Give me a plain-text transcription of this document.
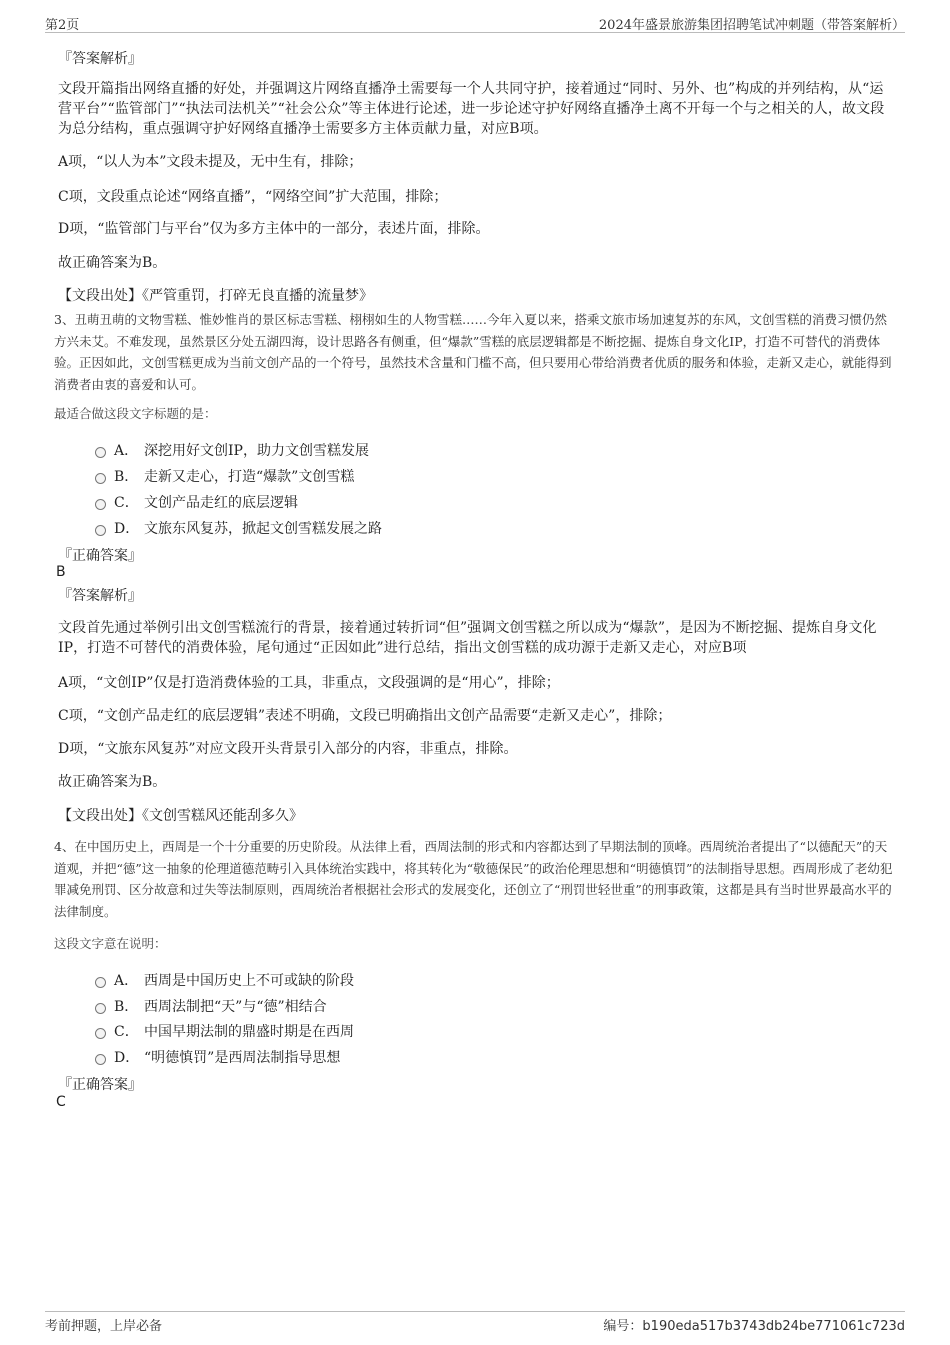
第2页	2024年盛景旅游集团招聘笔试冲刺题（带答案解析）
『答案解析』
文段开篇指出网络直播的好处，并强调这片网络直播净土需要每一个人共同守护，接着通过“同时、另外、也”构成的并列结构，从“运营平台”“监管部门”“执法司法机关”“社会公众”等主体进行论述，进一步论述守护好网络直播净土离不开每一个与之相关的人，故文段为总分结构，重点强调守护好网络直播净土需要多方主体贡献力量，对应B项。
A项，“以人为本”文段未提及，无中生有，排除；
C项，文段重点论述“网络直播”，“网络空间”扩大范围，排除；
D项，“监管部门与平台”仅为多方主体中的一部分，表述片面，排除。
故正确答案为B。
【文段出处】《严管重罚，打碎无良直播的流量梦》
3、丑萌丑萌的文物雪糕、惟妙惟肖的景区标志雪糕、栩栩如生的人物雪糕……今年入夏以来，搭乘文旅市场加速复苏的东风，文创雪糕的消费习惯仍然方兴未艾。不难发现，虽然景区分处五湖四海，设计思路各有侧重，但“爆款”雪糕的底层逻辑都是不断挖掘、提炼自身文化IP，打造不可替代的消费体验。正因如此，文创雪糕更成为当前文创产品的一个符号，虽然技术含量和门槛不高，但只要用心带给消费者优质的服务和体验，走新又走心，就能得到消费者由衷的喜爱和认可。
最适合做这段文字标题的是：
A． 深挖用好文创IP，助力文创雪糕发展
B． 走新又走心，打造“爆款”文创雪糕
C． 文创产品走红的底层逻辑
D． 文旅东风复苏，掀起文创雪糕发展之路
『正确答案』
B
『答案解析』
文段首先通过举例引出文创雪糕流行的背景，接着通过转折词“但”强调文创雪糕之所以成为“爆款”，是因为不断挖掘、提炼自身文化IP，打造不可替代的消费体验，尾句通过“正因如此”进行总结，指出文创雪糕的成功源于走新又走心，对应B项
A项，“文创IP”仅是打造消费体验的工具，非重点，文段强调的是“用心”，排除；
C项，“文创产品走红的底层逻辑”表述不明确，文段已明确指出文创产品需要“走新又走心”，排除；
D项，“文旅东风复苏”对应文段开头背景引入部分的内容，非重点，排除。
故正确答案为B。
【文段出处】《文创雪糕风还能刮多久》
4、在中国历史上，西周是一个十分重要的历史阶段。从法律上看，西周法制的形式和内容都达到了早期法制的顶峰。西周统治者提出了“以德配天”的天道观，并把“德”这一抽象的伦理道德范畴引入具体统治实践中，将其转化为“敬德保民”的政治伦理思想和“明德慎罚”的法制指导思想。西周形成了老幼犯罪减免刑罚、区分故意和过失等法制原则，西周统治者根据社会形式的发展变化，还创立了“刑罚世轻世重”的刑事政策，这都是具有当时世界最高水平的法律制度。
这段文字意在说明：
A． 西周是中国历史上不可或缺的阶段
B． 西周法制把“天”与“德”相结合
C． 中国早期法制的鼎盛时期是在西周
D． “明德慎罚”是西周法制指导思想
『正确答案』
C
考前押题，上岸必备	编号：b190eda517b3743db24be771061c723d
